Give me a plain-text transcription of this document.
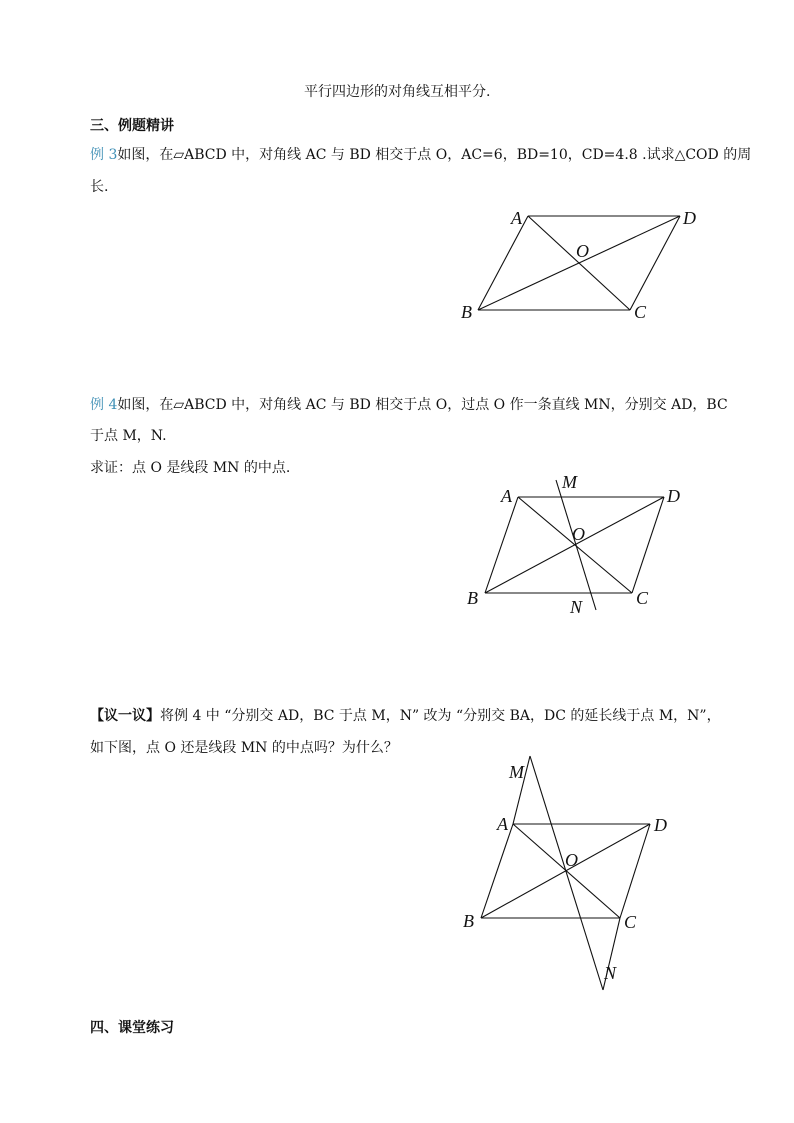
平行四边形的对角线互相平分.
三、例题精讲
例 3如图，在▱ABCD 中，对角线 AC 与 BD 相交于点 O，AC=6，BD=10，CD=4.8 .试求△COD 的周
长.
例 4如图，在▱ABCD 中，对角线 AC 与 BD 相交于点 O，过点 O 作一条直线 MN，分别交 AD，BC
于点 M，N.
求证：点 O 是线段 MN 的中点.
【议一议】将例 4 中 “分别交 AD，BC 于点 M，N” 改为 “分别交 BA，DC 的延长线于点 M，N”，
如下图，点 O 还是线段 MN 的中点吗？为什么？
四、课堂练习
A	D
O
B	C
A
M
D
O
B	C
N
M
A	D
O
B	C
N
